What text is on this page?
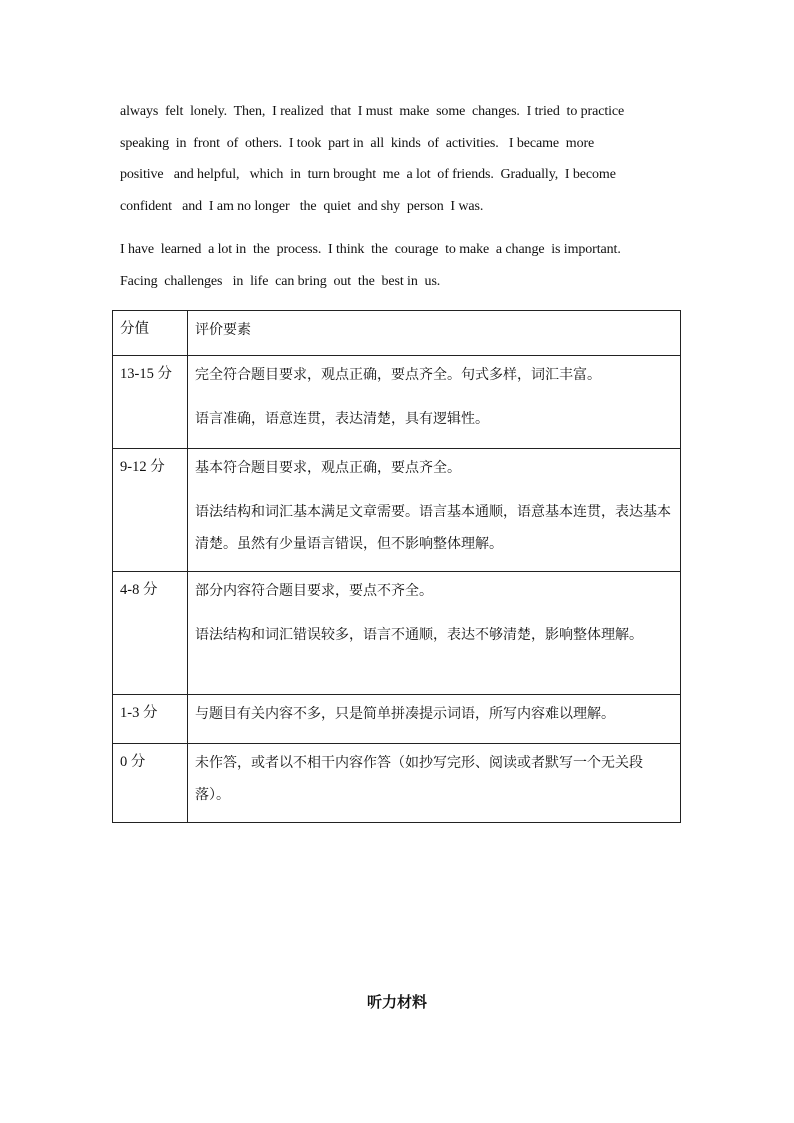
always  felt  lonely.  Then,  I realized  that  I must  make  some  changes.  I tried  to practice
speaking  in  front  of  others.  I took  part in  all  kinds  of  activities.   I became  more
positive   and helpful,   which  in  turn brought  me  a lot  of friends.  Gradually,  I become
confident   and  I am no longer   the  quiet  and shy  person  I was.
I have  learned  a lot in  the  process.  I think  the  courage  to make  a change  is important.
Facing  challenges   in  life  can bring  out  the  best in  us.
分值	评价要素
13-15 分	完全符合题目要求，观点正确，要点齐全。句式多样，词汇丰富。

语言准确，语意连贯，表达清楚，具有逻辑性。

9-12 分	基本符合题目要求，观点正确，要点齐全。

语法结构和词汇基本满足文章需要。语言基本通顺，语意基本连贯，表达基本清楚。虽然有少量语言错误，但不影响整体理解。

4-8 分	部分内容符合题目要求，要点不齐全。

语法结构和词汇错误较多，语言不通顺，表达不够清楚，影响整体理解。

1-3 分	与题目有关内容不多，只是简单拼凑提示词语，所写内容难以理解。

0 分	未作答，或者以不相干内容作答（如抄写完形、阅读或者默写一个无关段落）。

听力材料
